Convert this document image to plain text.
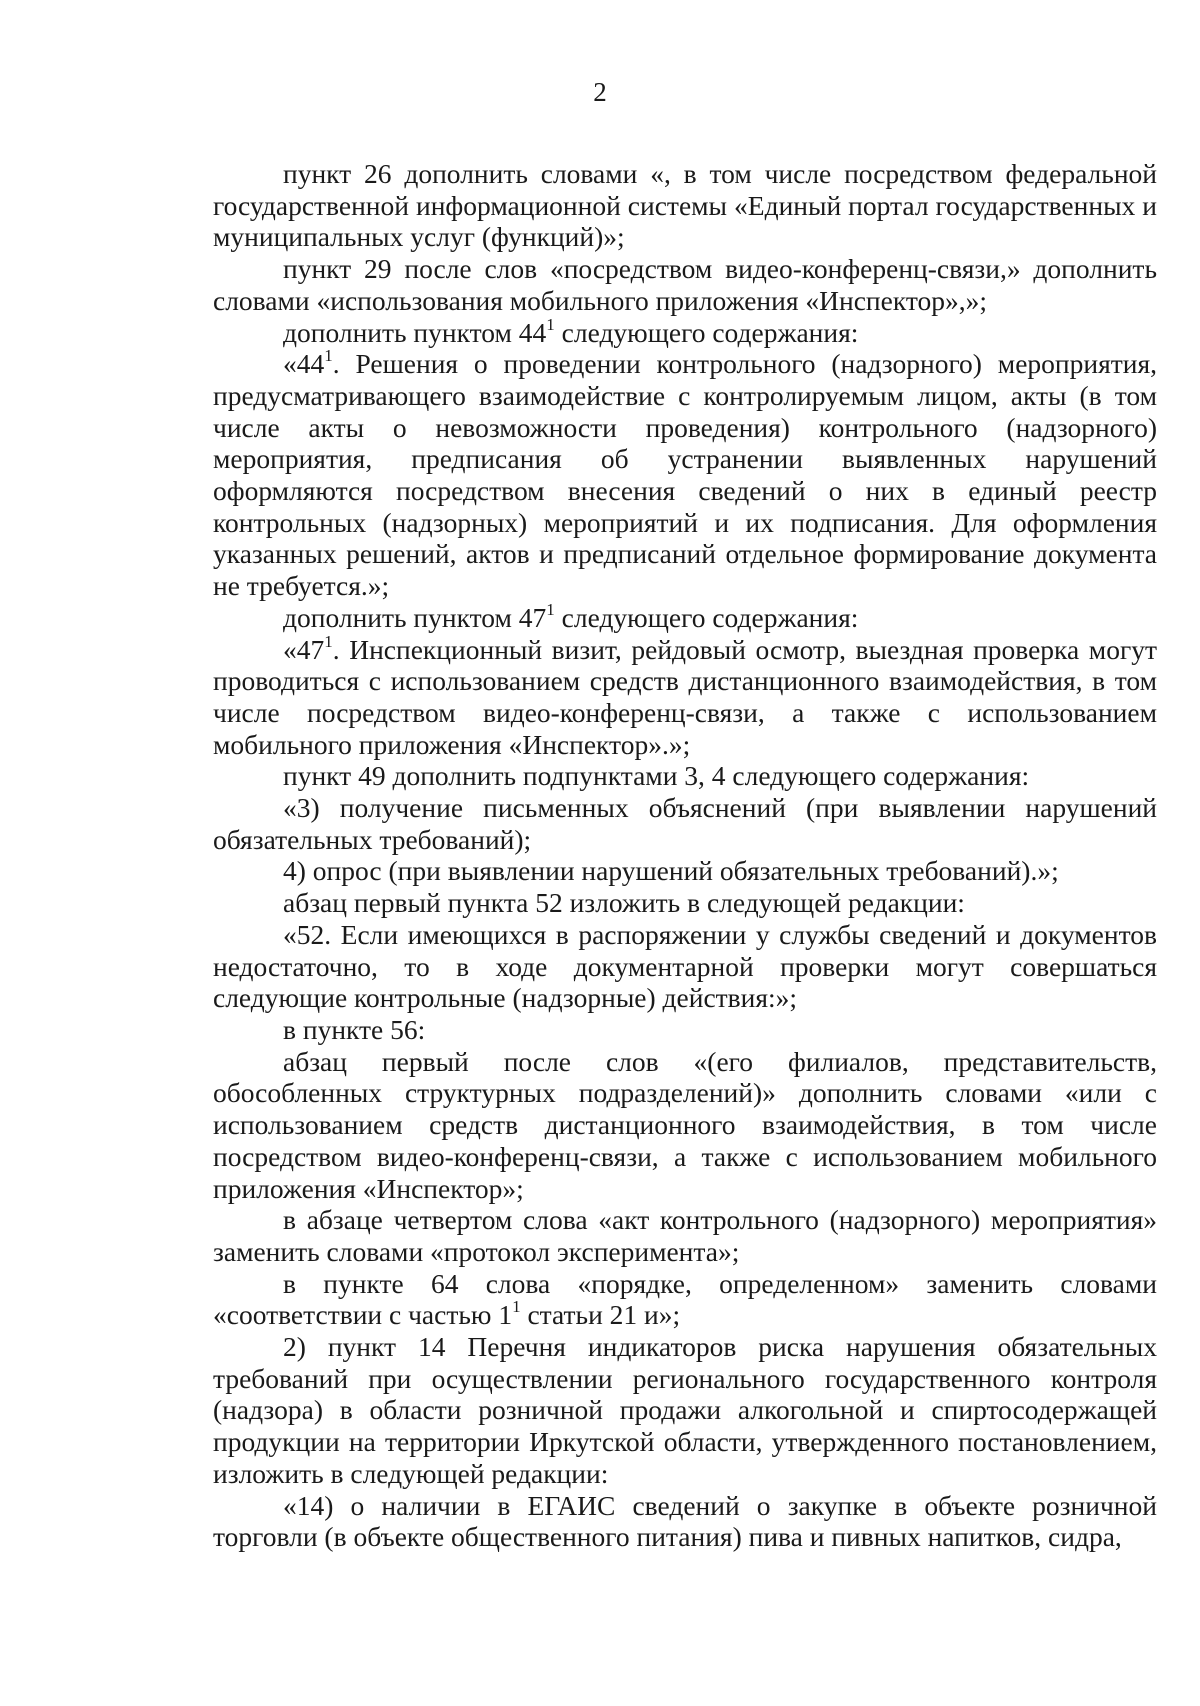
2

пункт 26 дополнить словами «, в том числе посредством федеральной государственной информационной системы «Единый портал государственных и муниципальных услуг (функций)»;

пункт 29 после слов «посредством видео-конференц-связи,» дополнить словами «использования мобильного приложения «Инспектор»,»;

дополнить пунктом $44^1$ следующего содержания:

«$44^1$. Решения о проведении контрольного (надзорного) мероприятия, предусматривающего взаимодействие с контролируемым лицом, акты (в том числе акты о невозможности проведения) контрольного (надзорного) мероприятия, предписания об устранении выявленных нарушений оформляются посредством внесения сведений о них в единый реестр контрольных (надзорных) мероприятий и их подписания. Для оформления указанных решений, актов и предписаний отдельное формирование документа не требуется.»;

дополнить пунктом $47^1$ следующего содержания:

«$47^1$. Инспекционный визит, рейдовый осмотр, выездная проверка могут проводиться с использованием средств дистанционного взаимодействия, в том числе посредством видео-конференц-связи, а также с использованием мобильного приложения «Инспектор».»;

пункт 49 дополнить подпунктами 3, 4 следующего содержания:

«3) получение письменных объяснений (при выявлении нарушений обязательных требований);

4) опрос (при выявлении нарушений обязательных требований).»;

абзац первый пункта 52 изложить в следующей редакции:

«52. Если имеющихся в распоряжении у службы сведений и документов недостаточно, то в ходе документарной проверки могут совершаться следующие контрольные (надзорные) действия:»;

в пункте 56:

абзац первый после слов «(его филиалов, представительств, обособленных структурных подразделений)» дополнить словами «или с использованием средств дистанционного взаимодействия, в том числе посредством видео-конференц-связи, а также с использованием мобильного приложения «Инспектор»;

в абзаце четвертом слова «акт контрольного (надзорного) мероприятия» заменить словами «протокол эксперимента»;

в пункте 64 слова «порядке, определенном» заменить словами «соответствии с частью $1^1$ статьи 21 и»;

2) пункт 14 Перечня индикаторов риска нарушения обязательных требований при осуществлении регионального государственного контроля (надзора) в области розничной продажи алкогольной и спиртосодержащей продукции на территории Иркутской области, утвержденного постановлением, изложить в следующей редакции:

«14) о наличии в ЕГАИС сведений о закупке в объекте розничной торговли (в объекте общественного питания) пива и пивных напитков, сидра,
